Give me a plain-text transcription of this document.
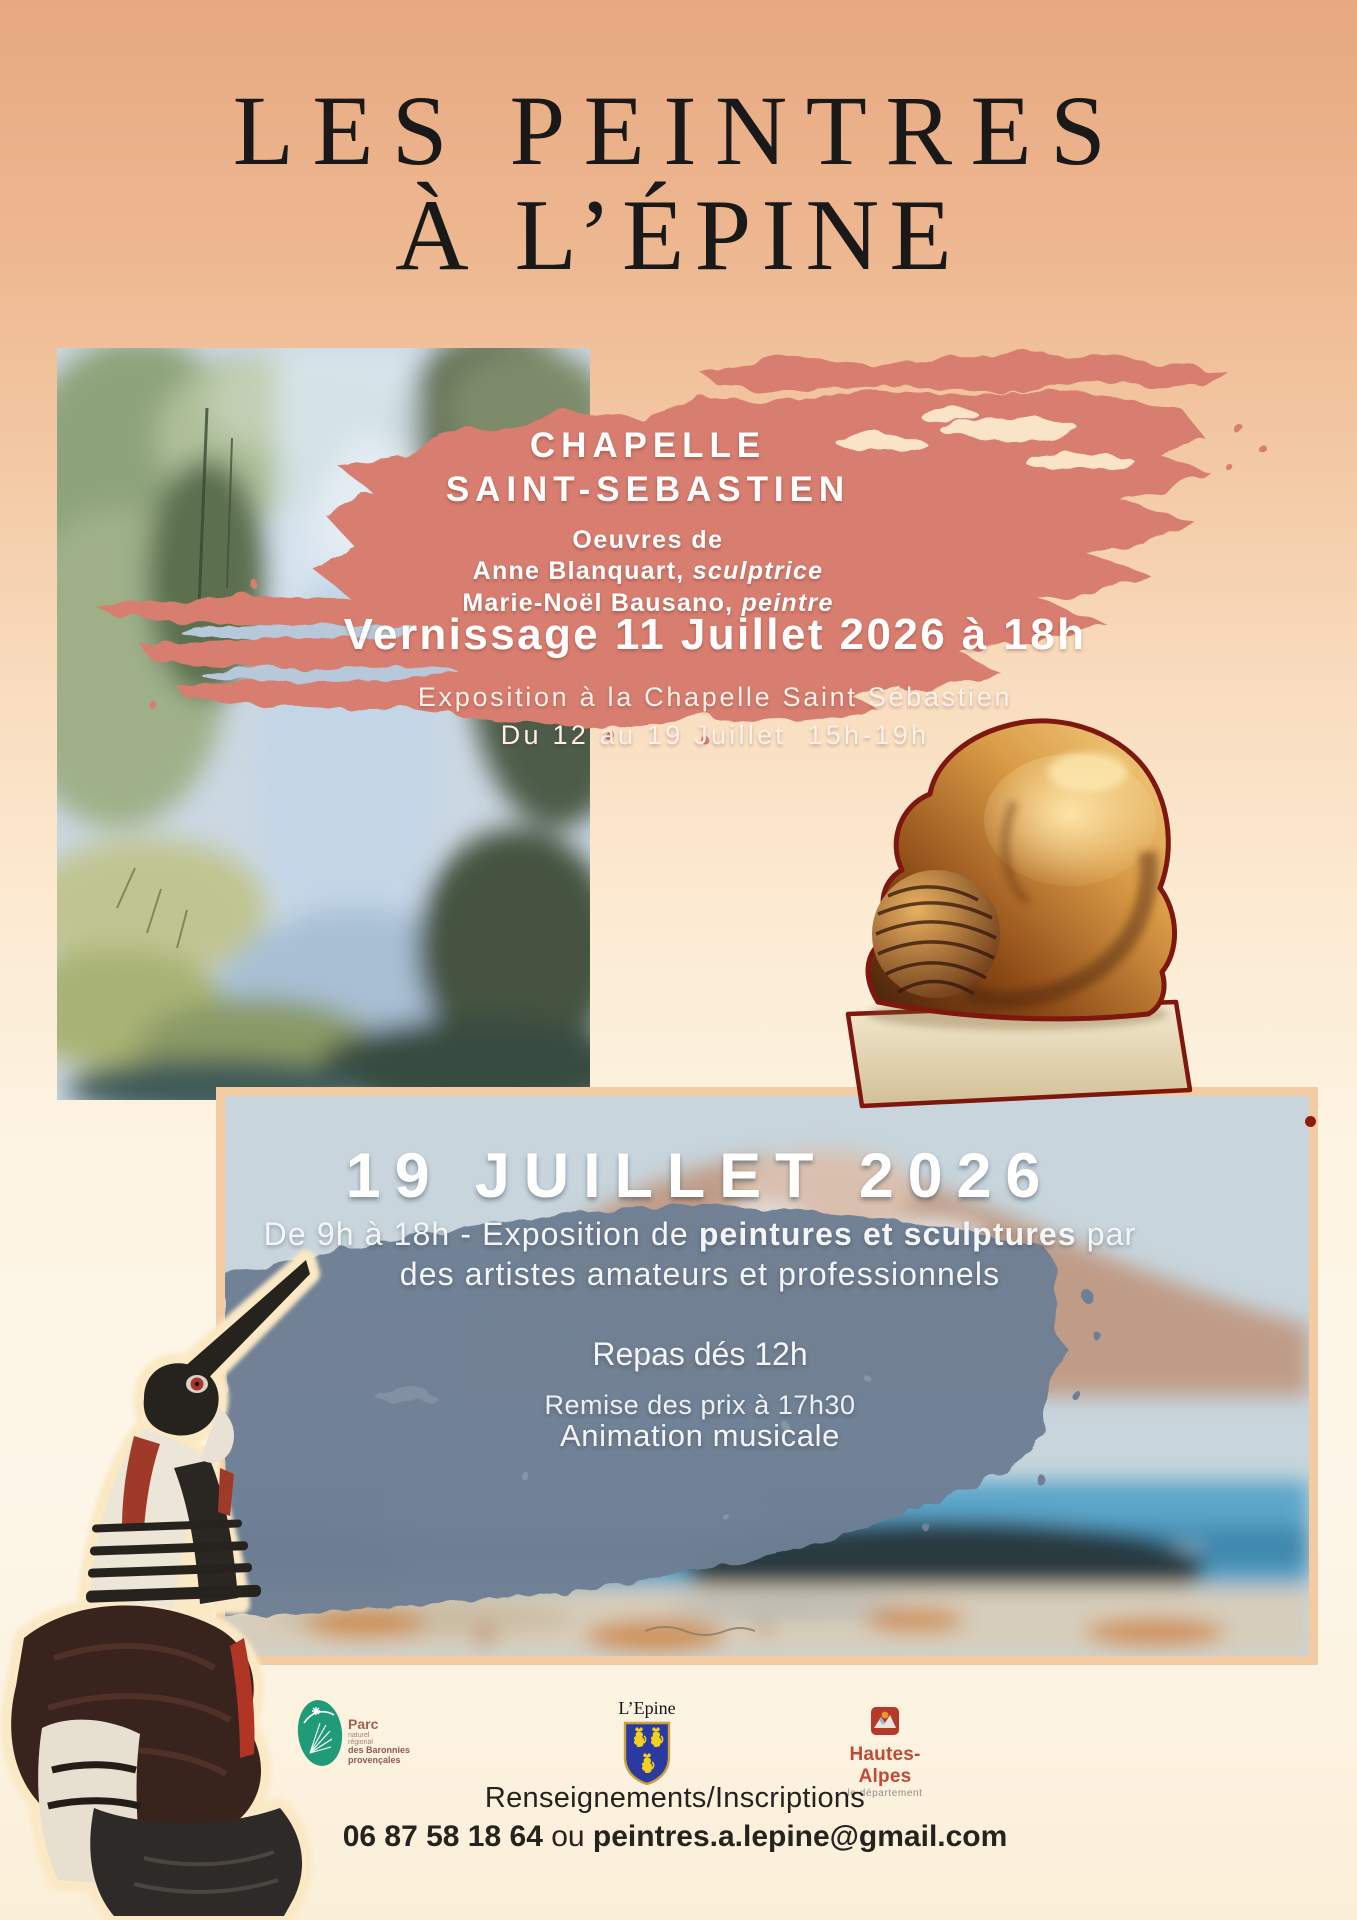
LES PEINTRES
À L’ÉPINE
CHAPELLE
SAINT-SEBASTIEN
Oeuvres de
Anne Blanquart, sculptrice
Marie-Noël Bausano, peintre
Vernissage 11 Juillet 2026 à 18h
Exposition à la Chapelle Saint Sébastien
Du 12 au 19 Juillet  15h-19h
19 JUILLET 2026
De 9h à 18h - Exposition de peintures et sculptures par des artistes amateurs et professionnels
Repas dés 12h
Remise des prix à 17h30
Animation musicale
Parc
naturel
régional
des Baronnies
provençales
L’Epine
Hautes-Alpes
le département
Renseignements/Inscriptions
06 87 58 18 64 ou peintres.a.lepine@gmail.com
